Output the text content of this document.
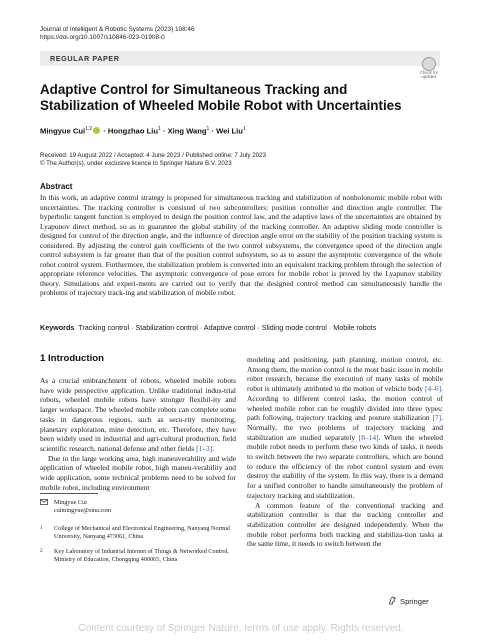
Journal of Intelligent & Robotic Systems (2023) 108:46
https://doi.org/10.1007/s10846-023-01908-0
REGULAR PAPER
Check for
updates
Adaptive Control for Simultaneous Tracking and Stabilization of Wheeled Mobile Robot with Uncertainties
Mingyue Cui$^{1,2}$ · Hongzhao Liu$^1$ · Xing Wang$^1$ · Wei Liu$^1$
Received: 19 August 2022 / Accepted: 4 June 2023 / Published online: 7 July 2023
© The Author(s), under exclusive licence to Springer Nature B.V. 2023
Abstract
In this work, an adaptive control strategy is proposed for simultaneous tracking and stabilization of nonholonomic mobile robot with uncertainties. The tracking controller is consisted of two subcontrollers: position controller and direction angle controller. The hyperbolic tangent function is employed to design the position control law, and the adaptive laws of the uncertainties are obtained by Lyapunov direct method, so as to guarantee the global stability of the tracking controller. An adaptive sliding mode controller is designed for control of the direction angle, and the influence of direction angle error on the stability of the position tracking system is considered. By adjusting the control gain coefficients of the two control subsystems, the convergence speed of the direction angle control subsystem is far greater than that of the position control subsystem, so as to assure the asymptotic convergence of the whole robot control system. Furthermore, the stabilization problem is converted into an equivalent tracking problem through the selection of appropriate reference velocities. The asymptotic convergence of pose errors for mobile robot is proved by the Lyapunov stability theory. Simulations and experi-ments are carried out to verify that the designed control method can simultaneously handle the problems of trajectory track-ing and stabilization of mobile robot.
Keywords Tracking control · Stabilization control · Adaptive control · Sliding mode control · Mobile robots
1 Introduction

As a crucial embranchment of robots, wheeled mobile robots have wide perspective application. Unlike traditional indus-trial robots, wheeled mobile robots have stronger flexibil-ity and larger workspace. The wheeled mobile robots can complete some tasks in dangerous regions, such as secu-rity monitoring, planetary exploration, mine detection, etc. Therefore, they have been widely used in industrial and agri-cultural production, field scientific research, national defense and other fields [1–3].

Due to the large working area, high maneuverability and wide application of wheeled mobile robot, high maneu-verability and wide application, some technical problems need to be solved for mobile robot, including environment

modeling and positioning, path planning, motion control, etc. Among them, the motion control is the most basic issue in mobile robot research, because the execution of many tasks of mobile robot is ultimately attributed to the motion of vehicle body [4–6]. According to different control tasks, the motion control of wheeled mobile robot can be roughly divided into three types: path following, trajectory tracking and posture stabilization [7]. Normally, the two problems of trajectory tracking and stabilization are studied separately [8–14]. When the wheeled mobile robot needs to perform these two kinds of tasks, it needs to switch between the two separate controllers, which are bound to reduce the efficiency of the robot control system and even destroy the stability of the system. In this way, there is a demand for a unified controller to handle simultaneously the problem of trajectory tracking and stabilization.

A common feature of the conventional tracking and stabilization controller is that the tracking controller and stabilization controller are designed independently. When the mobile robot performs both tracking and stabiliza-tion tasks at the same time, it needs to switch between the

Mingyue Cui
cuimingyue@sina.com
1 College of Mechanical and Electronical Engineering, Nanyang Normal University, Nanyang 473061, China
2 Key Laboratory of Industrial Internet of Things & Networked Control, Ministry of Education, Chongqing 400065, China
Springer
Content courtesy of Springer Nature, terms of use apply. Rights reserved.
